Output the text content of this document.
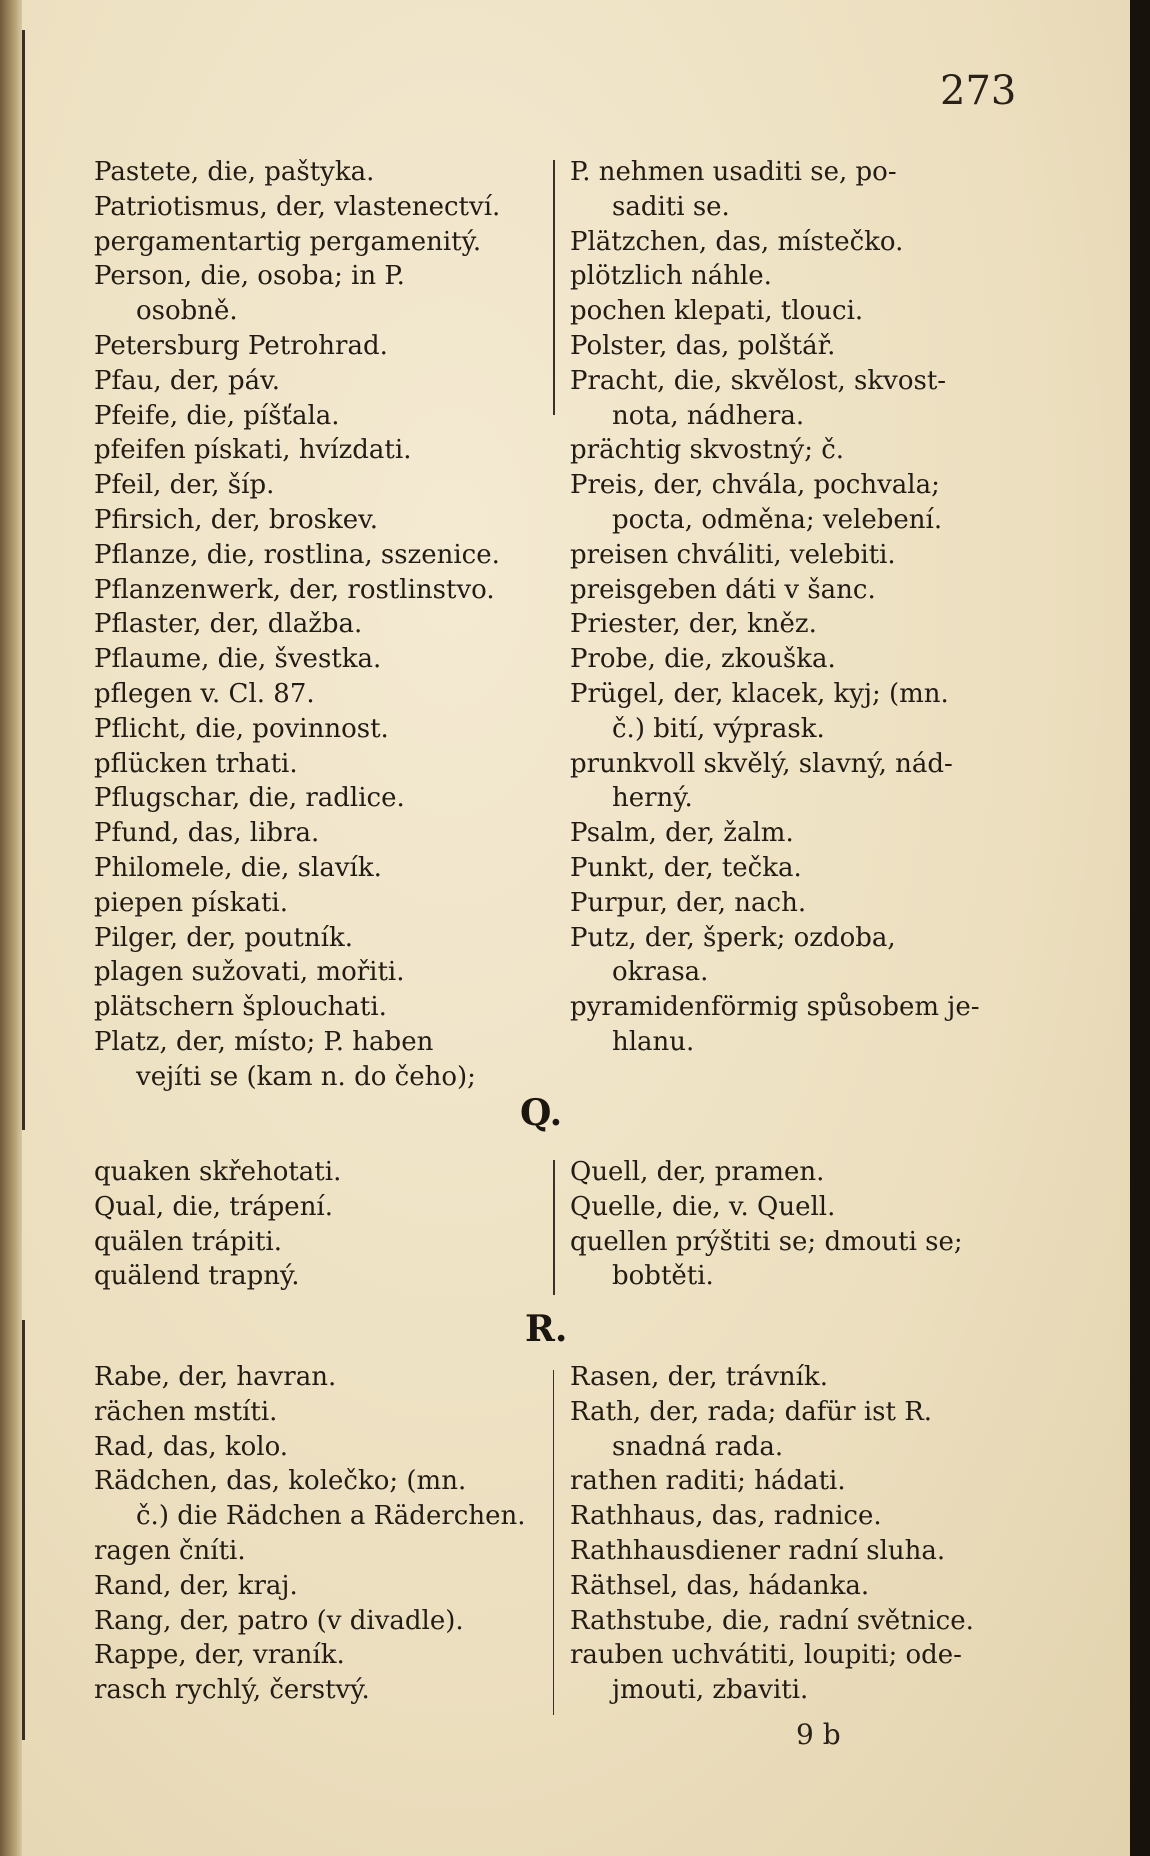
273
Pastete, die, paštyka.
Patriotismus, der, vlastenectví.
pergamentartig pergamenitý.
Person, die, osoba; in P.
osobně.
Petersburg Petrohrad.
Pfau, der, páv.
Pfeife, die, píšťala.
pfeifen pískati, hvízdati.
Pfeil, der, šíp.
Pfirsich, der, broskev.
Pflanze, die, rostlina, sszenice.
Pflanzenwerk, der, rostlinstvo.
Pflaster, der, dlažba.
Pflaume, die, švestka.
pflegen v. Cl. 87.
Pflicht, die, povinnost.
pflücken trhati.
Pflugschar, die, radlice.
Pfund, das, libra.
Philomele, die, slavík.
piepen pískati.
Pilger, der, poutník.
plagen sužovati, mořiti.
plätschern šplouchati.
Platz, der, místo; P. haben
vejíti se (kam n. do čeho);
P. nehmen usaditi se, po-
saditi se.
Plätzchen, das, místečko.
plötzlich náhle.
pochen klepati, tlouci.
Polster, das, polštář.
Pracht, die, skvělost, skvost-
nota, nádhera.
prächtig skvostný; č.
Preis, der, chvála, pochvala;
pocta, odměna; velebení.
preisen chváliti, velebiti.
preisgeben dáti v šanc.
Priester, der, kněz.
Probe, die, zkouška.
Prügel, der, klacek, kyj; (mn.
č.) bití, výprask.
prunkvoll skvělý, slavný, nád-
herný.
Psalm, der, žalm.
Punkt, der, tečka.
Purpur, der, nach.
Putz, der, šperk; ozdoba,
okrasa.
pyramidenförmig spůsobem je-
hlanu.
Q.
quaken skřehotati.
Qual, die, trápení.
quälen trápiti.
quälend trapný.
Quell, der, pramen.
Quelle, die, v. Quell.
quellen prýštiti se; dmouti se;
bobtěti.
R.
Rabe, der, havran.
rächen mstíti.
Rad, das, kolo.
Rädchen, das, kolečko; (mn.
č.) die Rädchen a Räderchen.
ragen čníti.
Rand, der, kraj.
Rang, der, patro (v divadle).
Rappe, der, vraník.
rasch rychlý, čerstvý.
Rasen, der, trávník.
Rath, der, rada; dafür ist R.
snadná rada.
rathen raditi; hádati.
Rathhaus, das, radnice.
Rathhausdiener radní sluha.
Räthsel, das, hádanka.
Rathstube, die, radní světnice.
rauben uchvátiti, loupiti; ode-
jmouti, zbaviti.
9 b
